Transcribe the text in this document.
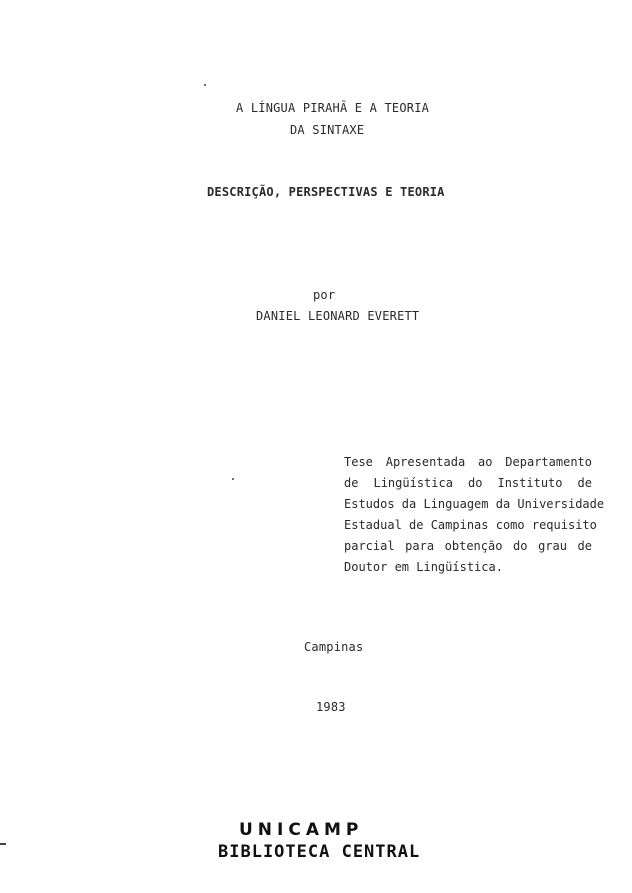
A LÍNGUA PIRAHÃ E A TEORIA
DA SINTAXE
DESCRIÇÃO, PERSPECTIVAS E TEORIA
por
DANIEL LEONARD EVERETT
Tese Apresentada ao Departamento
de Lingüística do Instituto de
Estudos da Linguagem da Universidade
Estadual de Campinas como requisito
parcial para obtenção do grau de
Doutor em Lingüística.
Campinas
1983
UNICAMP
BIBLIOTECA CENTRAL
